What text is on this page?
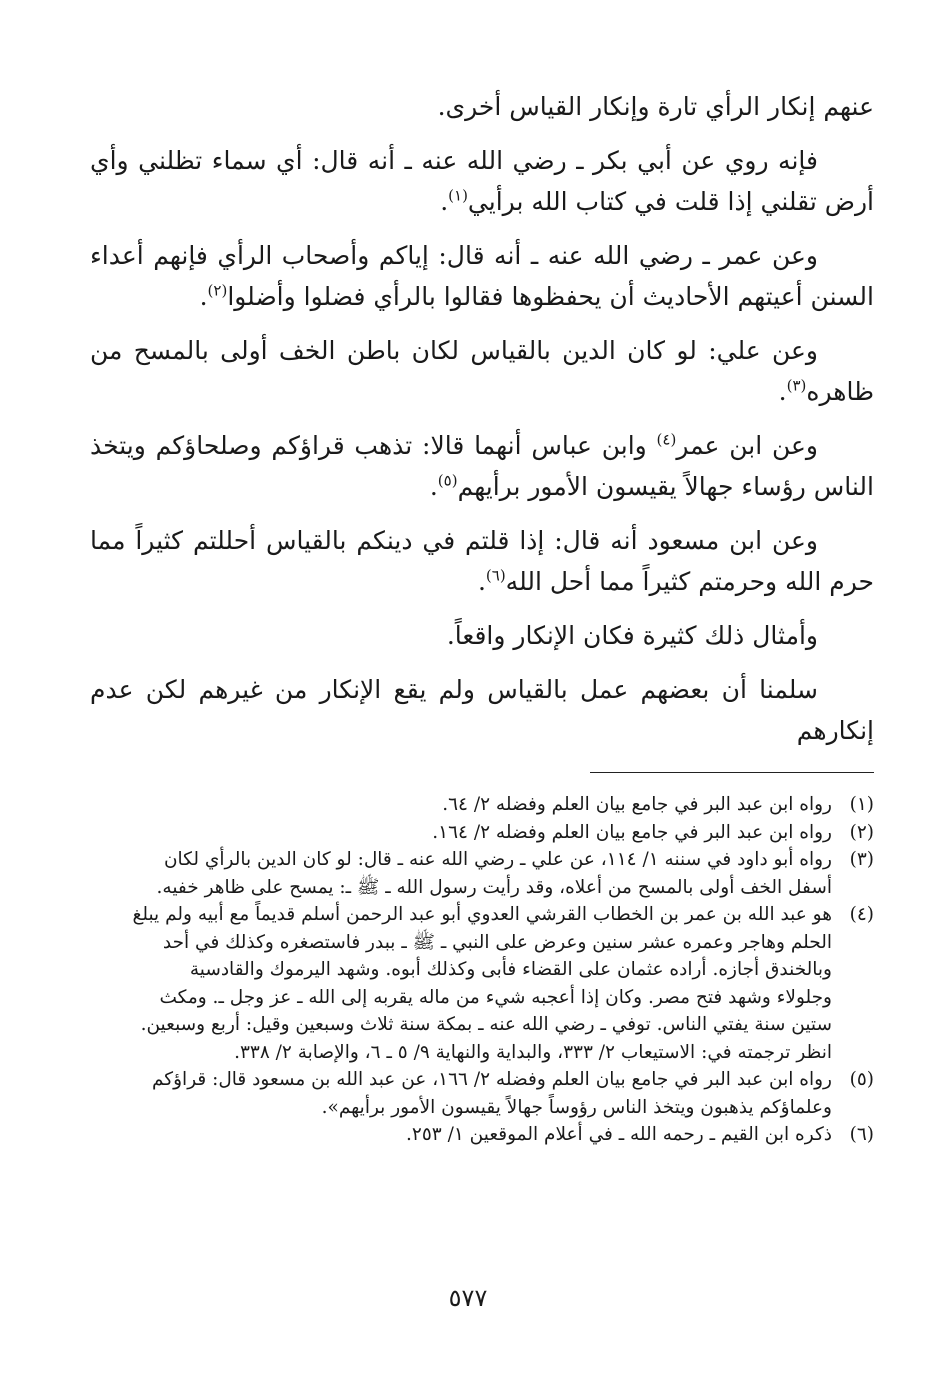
عنهم إنكار الرأي تارة وإنكار القياس أخرى.

فإنه روي عن أبي بكر ـ رضي الله عنه ـ أنه قال: أي سماء تظلني وأي أرض تقلني إذا قلت في كتاب الله برأيي$^{(١)}$.

وعن عمر ـ رضي الله عنه ـ أنه قال: إياكم وأصحاب الرأي فإنهم أعداء السنن أعيتهم الأحاديث أن يحفظوها فقالوا بالرأي فضلوا وأضلوا$^{(٢)}$.

وعن علي: لو كان الدين بالقياس لكان باطن الخف أولى بالمسح من ظاهره$^{(٣)}$.

وعن ابن عمر$^{(٤)}$ وابن عباس أنهما قالا: تذهب قراؤكم وصلحاؤكم ويتخذ الناس رؤساء جهالاً يقيسون الأمور برأيهم$^{(٥)}$.

وعن ابن مسعود أنه قال: إذا قلتم في دينكم بالقياس أحللتم كثيراً مما حرم الله وحرمتم كثيراً مما أحل الله$^{(٦)}$.

وأمثال ذلك كثيرة فكان الإنكار واقعاً.

سلمنا أن بعضهم عمل بالقياس ولم يقع الإنكار من غيرهم لكن عدم إنكارهم

(١)
رواه ابن عبد البر في جامع بيان العلم وفضله ٢/ ٦٤.
(٢)
رواه ابن عبد البر في جامع بيان العلم وفضله ٢/ ١٦٤.
(٣)
رواه أبو داود في سننه ١/ ١١٤، عن علي ـ رضي الله عنه ـ قال: لو كان الدين بالرأي لكان
أسفل الخف أولى بالمسح من أعلاه، وقد رأيت رسول الله ـ ﷺ ـ: يمسح على ظاهر خفيه.
(٤)
هو عبد الله بن عمر بن الخطاب القرشي العدوي أبو عبد الرحمن أسلم قديماً مع أبيه ولم يبلغ
الحلم وهاجر وعمره عشر سنين وعرض على النبي ـ ﷺ ـ ببدر فاستصغره وكذلك في أحد
وبالخندق أجازه. أراده عثمان على القضاء فأبى وكذلك أبوه. وشهد اليرموك والقادسية
وجلولاء وشهد فتح مصر. وكان إذا أعجبه شيء من ماله يقربه إلى الله ـ عز وجل ـ. ومكث
ستين سنة يفتي الناس. توفي ـ رضي الله عنه ـ بمكة سنة ثلاث وسبعين وقيل: أربع وسبعين.
انظر ترجمته في: الاستيعاب ٢/ ٣٣٣، والبداية والنهاية ٩/ ٥ ـ ٦، والإصابة ٢/ ٣٣٨.
(٥)
رواه ابن عبد البر في جامع بيان العلم وفضله ٢/ ١٦٦، عن عبد الله بن مسعود قال: قراؤكم
وعلماؤكم يذهبون ويتخذ الناس رؤوساً جهالاً يقيسون الأمور برأيهم».
(٦)
ذكره ابن القيم ـ رحمه الله ـ في أعلام الموقعين ١/ ٢٥٣.
٥٧٧
